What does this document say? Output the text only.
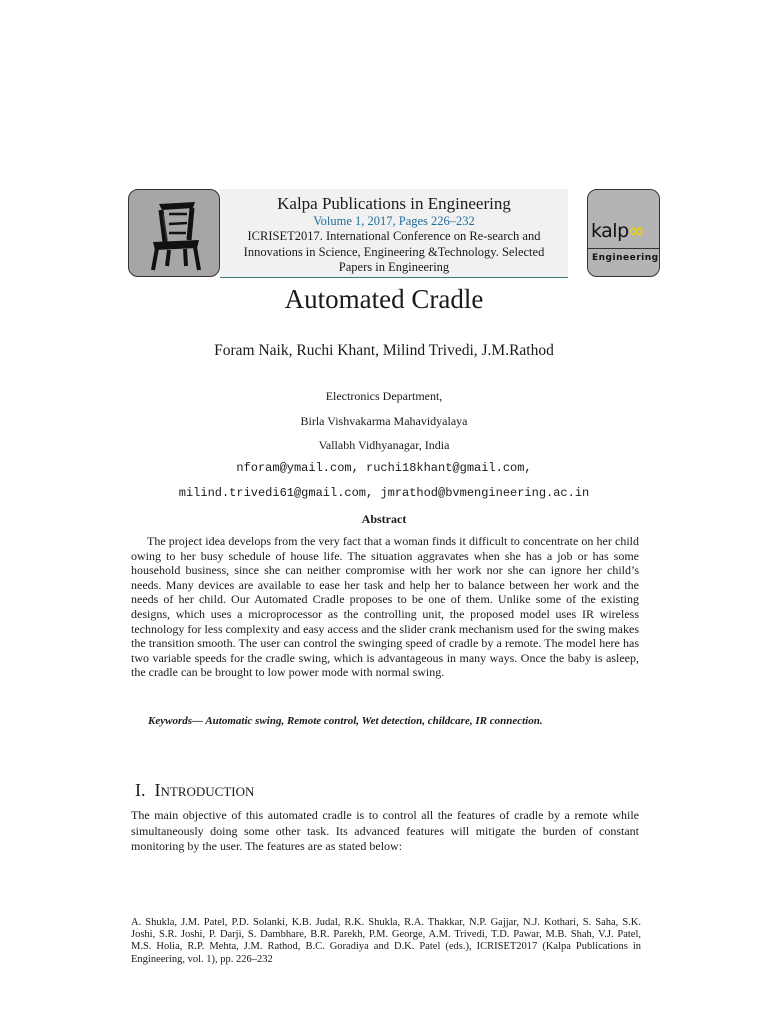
Kalpa Publications in Engineering
Volume 1, 2017, Pages 226–232
ICRISET2017. International Conference on Re-search and Innovations in Science, Engineering &Technology. Selected Papers in Engineering
kalp∞
Engineering
Automated Cradle
Foram Naik, Ruchi Khant, Milind Trivedi, J.M.Rathod
Electronics Department,
Birla Vishvakarma Mahavidyalaya
Vallabh Vidhyanagar, India
nforam@ymail.com, ruchi18khant@gmail.com,
milind.trivedi61@gmail.com, jmrathod@bvmengineering.ac.in
Abstract
The project idea develops from the very fact that a woman finds it difficult to concentrate on her child owing to her busy schedule of house life. The situation aggravates when she has a job or has some household business, since she can neither compromise with her work nor she can ignore her child’s needs. Many devices are available to ease her task and help her to balance between her work and the needs of her child. Our Automated Cradle proposes to be one of them. Unlike some of the existing designs, which uses a microprocessor as the controlling unit, the proposed model uses IR wireless technology for less complexity and easy access and the slider crank mechanism used for the swing makes the transition smooth. The user can control the swinging speed of cradle by a remote. The model here has two variable speeds for the cradle swing, which is advantageous in many ways. Once the baby is asleep, the cradle can be brought to low power mode with normal swing.
Keywords— Automatic swing, Remote control, Wet detection, childcare, IR connection.
I. Introduction
The main objective of this automated cradle is to control all the features of cradle by a remote while simultaneously doing some other task. Its advanced features will mitigate the burden of constant monitoring by the user. The features are as stated below:
A. Shukla, J.M. Patel, P.D. Solanki, K.B. Judal, R.K. Shukla, R.A. Thakkar, N.P. Gajjar, N.J. Kothari, S. Saha, S.K. Joshi, S.R. Joshi, P. Darji, S. Dambhare, B.R. Parekh, P.M. George, A.M. Trivedi, T.D. Pawar, M.B. Shah, V.J. Patel, M.S. Holia, R.P. Mehta, J.M. Rathod, B.C. Goradiya and D.K. Patel (eds.), ICRISET2017 (Kalpa Publications in Engineering, vol. 1), pp. 226–232
